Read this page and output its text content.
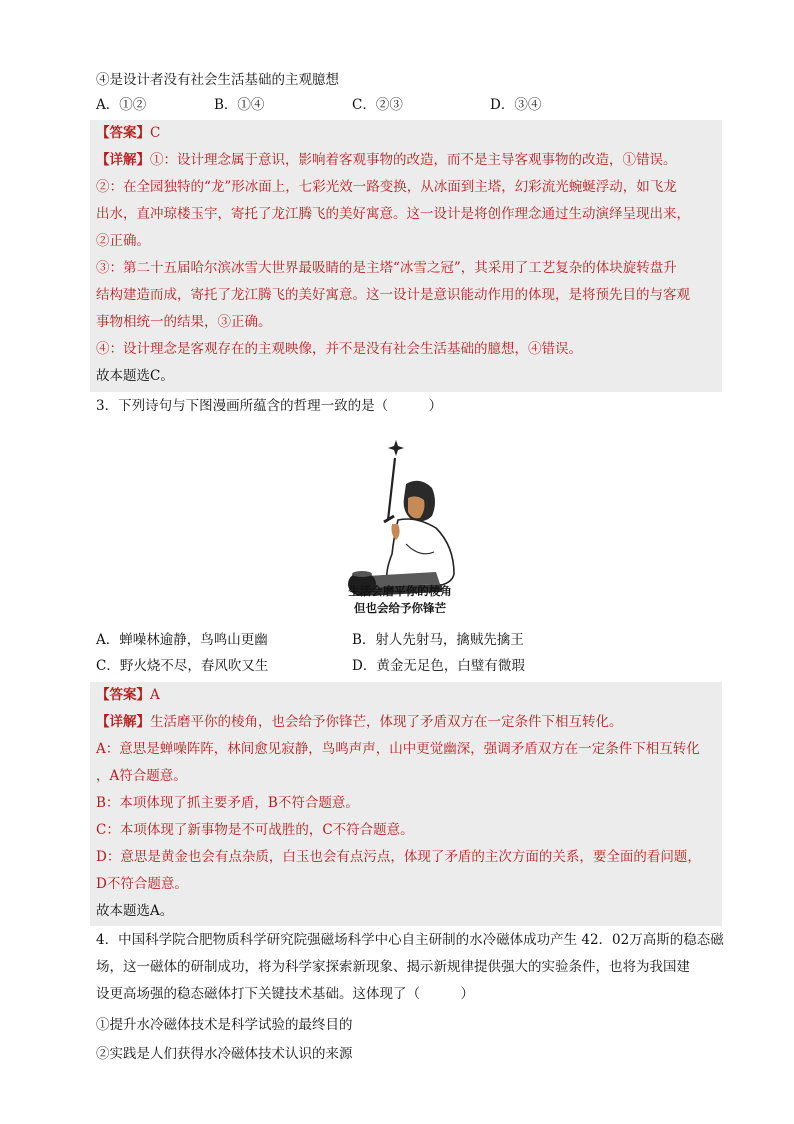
④是设计者没有社会生活基础的主观臆想
A．①②	B．①④	C．②③	D．③④
【答案】C
【详解】①：设计理念属于意识，影响着客观事物的改造，而不是主导客观事物的改造，①错误。
②：在全园独特的“龙”形冰面上，七彩光效一路变换，从冰面到主塔，幻彩流光蜿蜒浮动，如飞龙
出水，直冲琼楼玉宇，寄托了龙江腾飞的美好寓意。这一设计是将创作理念通过生动演绎呈现出来，
②正确。
③：第二十五届哈尔滨冰雪大世界最吸睛的是主塔“冰雪之冠”，其采用了工艺复杂的体块旋转盘升
结构建造而成，寄托了龙江腾飞的美好寓意。这一设计是意识能动作用的体现，是将预先目的与客观
事物相统一的结果，③正确。
④：设计理念是客观存在的主观映像，并不是没有社会生活基础的臆想，④错误。
故本题选C。
3．下列诗句与下图漫画所蕴含的哲理一致的是（　　　）
生活会磨平你的棱角
但也会给予你锋芒
A．蝉噪林逾静，鸟鸣山更幽	B．射人先射马，擒贼先擒王
C．野火烧不尽，春风吹又生	D．黄金无足色，白璧有微瑕
【答案】A
【详解】生活磨平你的棱角，也会给予你锋芒，体现了矛盾双方在一定条件下相互转化。
A：意思是蝉噪阵阵，林间愈见寂静，鸟鸣声声，山中更觉幽深，强调矛盾双方在一定条件下相互转化
，A符合题意。
B：本项体现了抓主要矛盾，B不符合题意。
C：本项体现了新事物是不可战胜的，C不符合题意。
D：意思是黄金也会有点杂质，白玉也会有点污点，体现了矛盾的主次方面的关系，要全面的看问题，
D不符合题意。
故本题选A。
4．中国科学院合肥物质科学研究院强磁场科学中心自主研制的水冷磁体成功产生 42．02万高斯的稳态磁
场，这一磁体的研制成功，将为科学家探索新现象、揭示新规律提供强大的实验条件，也将为我国建
设更高场强的稳态磁体打下关键技术基础。这体现了（　　　）
①提升水冷磁体技术是科学试验的最终目的
②实践是人们获得水冷磁体技术认识的来源
